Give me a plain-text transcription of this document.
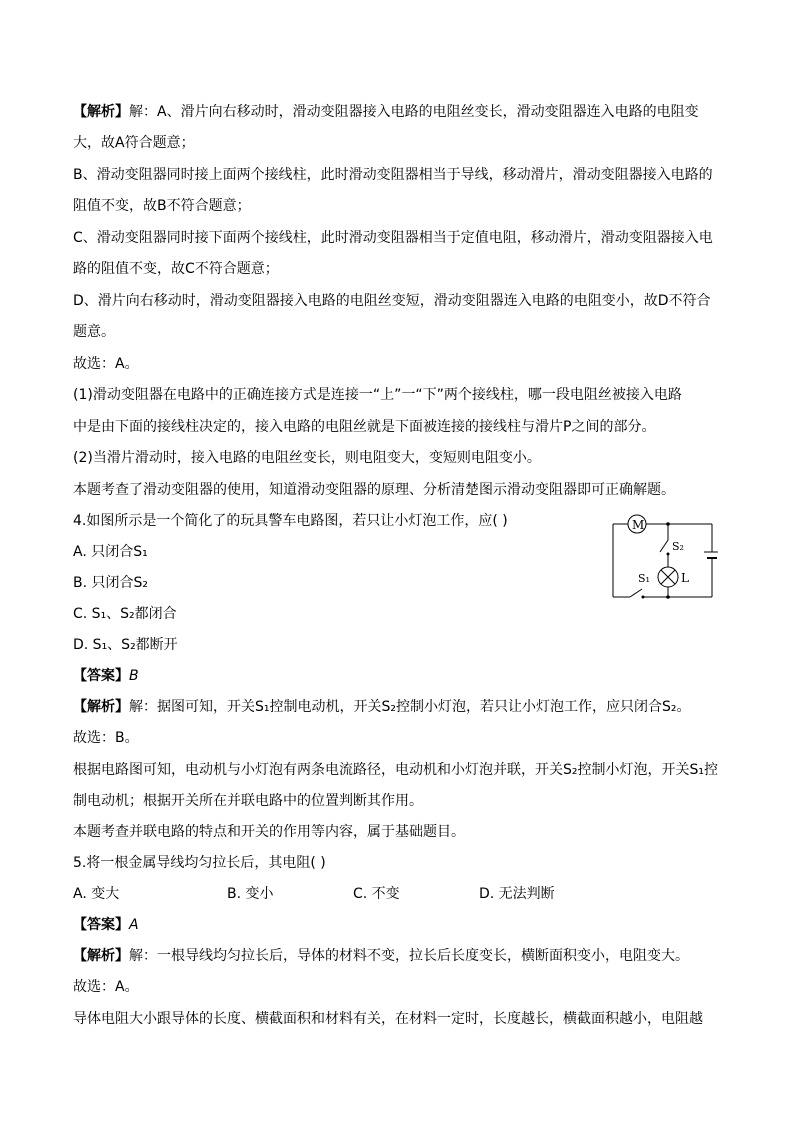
【解析】解：A、滑片向右移动时，滑动变阻器接入电路的电阻丝变长，滑动变阻器连入电路的电阻变
大，故A符合题意；
B、滑动变阻器同时接上面两个接线柱，此时滑动变阻器相当于导线，移动滑片，滑动变阻器接入电路的
阻值不变，故B不符合题意；
C、滑动变阻器同时接下面两个接线柱，此时滑动变阻器相当于定值电阻，移动滑片，滑动变阻器接入电
路的阻值不变，故C不符合题意；
D、滑片向右移动时，滑动变阻器接入电路的电阻丝变短，滑动变阻器连入电路的电阻变小，故D不符合
题意。
故选：A。
(1)滑动变阻器在电路中的正确连接方式是连接一“上”一“下”两个接线柱，哪一段电阻丝被接入电路
中是由下面的接线柱决定的，接入电路的电阻丝就是下面被连接的接线柱与滑片P之间的部分。
(2)当滑片滑动时，接入电路的电阻丝变长，则电阻变大，变短则电阻变小。
本题考查了滑动变阻器的使用，知道滑动变阻器的原理、分析清楚图示滑动变阻器即可正确解题。
4.如图所示是一个简化了的玩具警车电路图，若只让小灯泡工作，应( )
A. 只闭合S₁
B. 只闭合S₂
C. S₁、S₂都闭合
D. S₁、S₂都断开
【答案】B
【解析】解：据图可知，开关S₁控制电动机，开关S₂控制小灯泡，若只让小灯泡工作，应只闭合S₂。
故选：B。
根据电路图可知，电动机与小灯泡有两条电流路径，电动机和小灯泡并联，开关S₂控制小灯泡，开关S₁控
制电动机；根据开关所在并联电路中的位置判断其作用。
本题考查并联电路的特点和开关的作用等内容，属于基础题目。
M
L
S₂
S₁
5.将一根金属导线均匀拉长后，其电阻( )
A. 变大	B. 变小	C. 不变	D. 无法判断
【答案】A
【解析】解：一根导线均匀拉长后，导体的材料不变，拉长后长度变长，横断面积变小，电阻变大。
故选：A。
导体电阻大小跟导体的长度、横截面积和材料有关，在材料一定时，长度越长，横截面积越小，电阻越
